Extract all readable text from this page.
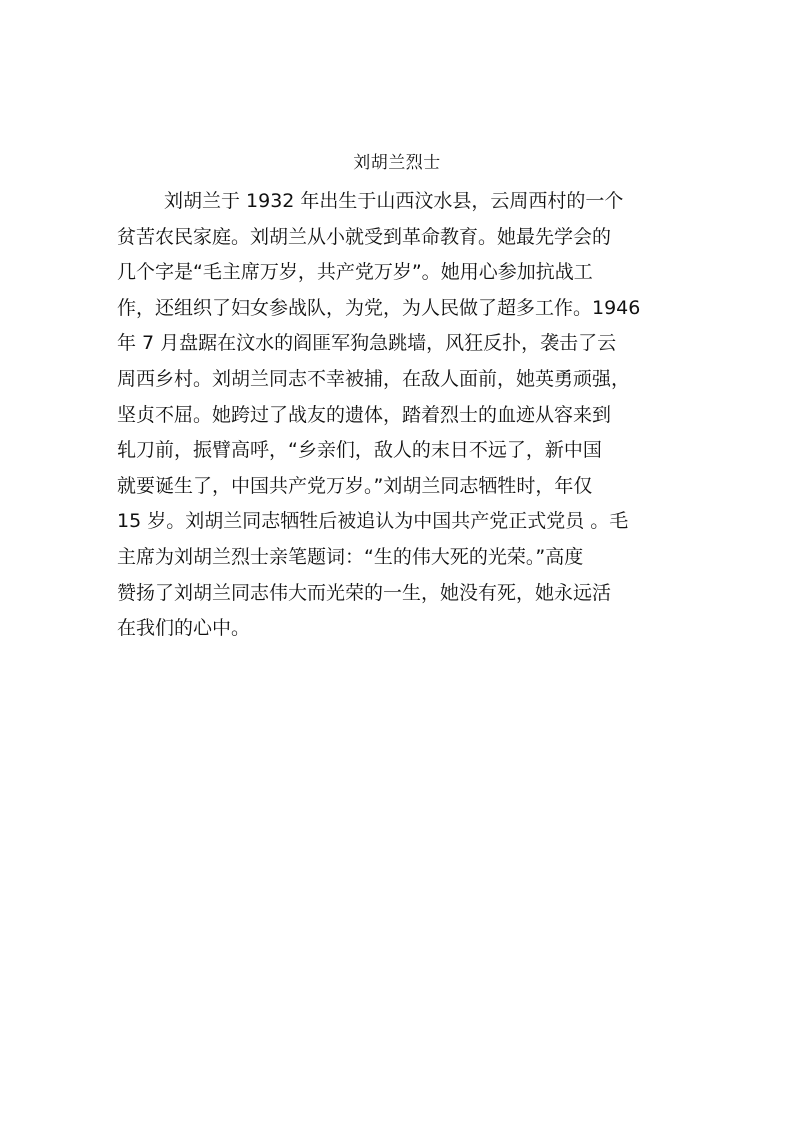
刘胡兰烈士
刘胡兰于 1932 年出生于山西汶水县，云周西村的一个
贫苦农民家庭。刘胡兰从小就受到革命教育。她最先学会的
几个字是“毛主席万岁，共产党万岁”。她用心参加抗战工
作，还组织了妇女参战队，为党，为人民做了超多工作。1946
年 7 月盘踞在汶水的阎匪军狗急跳墙，风狂反扑，袭击了云
周西乡村。刘胡兰同志不幸被捕，在敌人面前，她英勇顽强，
坚贞不屈。她跨过了战友的遗体，踏着烈士的血迹从容来到
轧刀前，振臂高呼，“乡亲们，敌人的末日不远了，新中国
就要诞生了，中国共产党万岁。”刘胡兰同志牺牲时，年仅
15 岁。刘胡兰同志牺牲后被追认为中国共产党正式党员 。毛
主席为刘胡兰烈士亲笔题词：“生的伟大死的光荣。”高度
赞扬了刘胡兰同志伟大而光荣的一生，她没有死，她永远活
在我们的心中。
